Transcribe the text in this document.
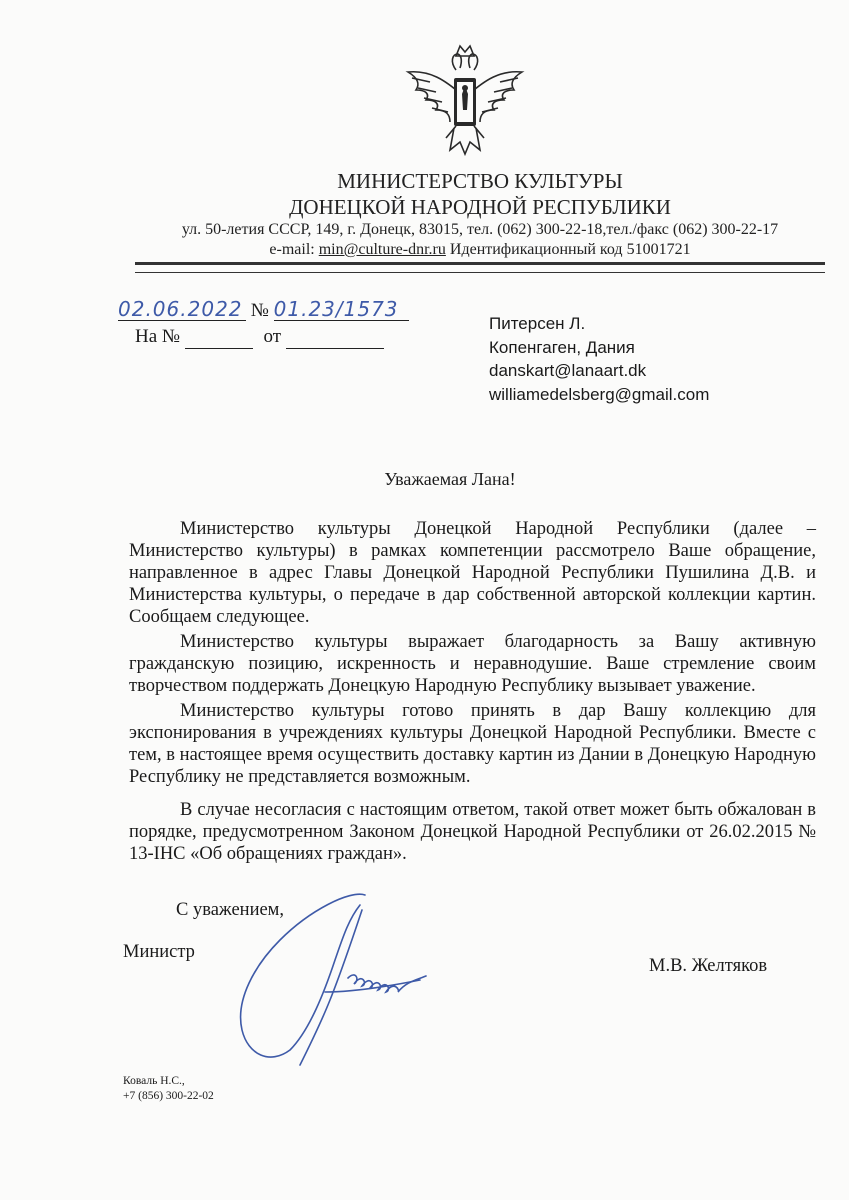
МИНИСТЕРСТВО КУЛЬТУРЫ
ДОНЕЦКОЙ НАРОДНОЙ РЕСПУБЛИКИ
ул. 50-летия СССР, 149, г. Донецк, 83015, тел. (062) 300-22-18,тел./факс (062) 300-22-17
e-mail: min@culture-dnr.ru Идентификационный код 51001721
02.06.2022 № 01.23/1573
На №	от
Питерсен Л.
Копенгаген, Дания
danskart@lanaart.dk
williamedelsberg@gmail.com
Уважаемая Лана!

Министерство культуры Донецкой Народной Республики (далее – Министерство культуры) в рамках компетенции рассмотрело Ваше обращение, направленное в адрес Главы Донецкой Народной Республики Пушилина Д.В. и Министерства культуры, о передаче в дар собственной авторской коллекции картин. Сообщаем следующее.

Министерство культуры выражает благодарность за Вашу активную гражданскую позицию, искренность и неравнодушие. Ваше стремление своим творчеством поддержать Донецкую Народную Республику вызывает уважение.

Министерство культуры готово принять в дар Вашу коллекцию для экспонирования в учреждениях культуры Донецкой Народной Республики. Вместе с тем, в настоящее время осуществить доставку картин из Дании в Донецкую Народную Республику не представляется возможным.

В случае несогласия с настоящим ответом, такой ответ может быть обжалован в порядке, предусмотренном Законом Донецкой Народной Республики от 26.02.2015 № 13-IНС «Об обращениях граждан».

С уважением,
Министр
М.В. Желтяков
Коваль Н.С.,
+7 (856) 300-22-02
